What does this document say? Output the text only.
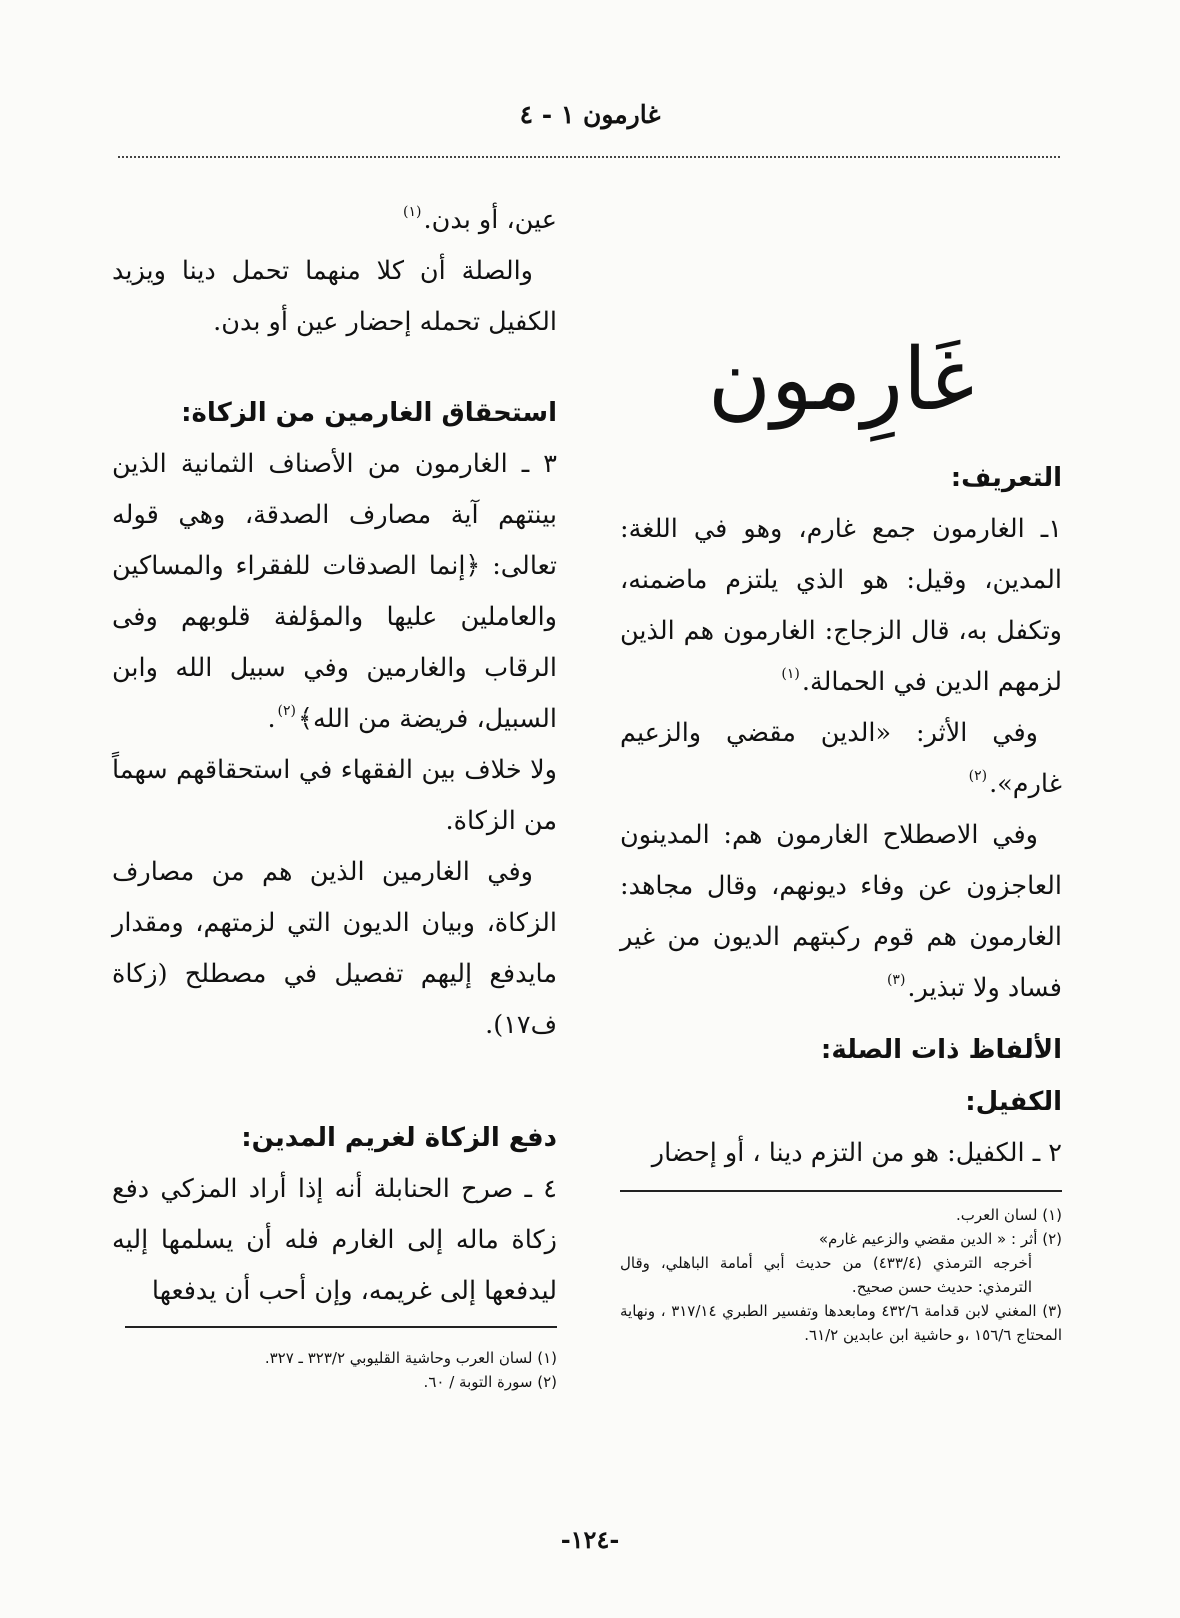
غارمون ١ - ٤
غَارِمون
التعريف:

١ـ الغارمون جمع غارم، وهو في اللغة: المدين، وقيل: هو الذي يلتزم ماضمنه، وتكفل به، قال الزجاج: الغارمون هم الذين لزمهم الدين في الحمالة.$^{(١)}$

وفي الأثر: «الدين مقضي والزعيم غارم».$^{(٢)}$

وفي الاصطلاح الغارمون هم: المدينون العاجزون عن وفاء ديونهم، وقال مجاهد: الغارمون هم قوم ركبتهم الديون من غير فساد ولا تبذير.$^{(٣)}$

الألفاظ ذات الصلة:
الكفيل:

٢ ـ الكفيل: هو من التزم دينا ، أو إحضار

(١) لسان العرب.
(٢) أثر : « الدين مقضي والزعيم غارم»
أخرجه الترمذي (٤٣٣/٤) من حديث أبي أمامة الباهلي، وقال الترمذي: حديث حسن صحيح.
(٣) المغني لابن قدامة ٤٣٢/٦ ومابعدها وتفسير الطبري ٣١٧/١٤ ، ونهاية المحتاج ١٥٦/٦ ،و حاشية ابن عابدين ٦١/٢.

عين، أو بدن.$^{(١)}$

والصلة أن كلا منهما تحمل دينا ويزيد الكفيل تحمله إحضار عين أو بدن.

استحقاق الغارمين من الزكاة:

٣ ـ الغارمون من الأصناف الثمانية الذين بينتهم آية مصارف الصدقة، وهي قوله تعالى: ﴿إنما الصدقات للفقراء والمساكين والعاملين عليها والمؤلفة قلوبهم وفى الرقاب والغارمين وفي سبيل الله وابن السبيل، فريضة من الله﴾$^{(٢)}$.

ولا خلاف بين الفقهاء في استحقاقهم سهماً من الزكاة.

وفي الغارمين الذين هم من مصارف الزكاة، وبيان الديون التي لزمتهم، ومقدار مايدفع إليهم تفصيل في مصطلح (زكاة ف١٧).

دفع الزكاة لغريم المدين:

٤ ـ صرح الحنابلة أنه إذا أراد المزكي دفع زكاة ماله إلى الغارم فله أن يسلمها إليه ليدفعها إلى غريمه، وإن أحب أن يدفعها

(١) لسان العرب وحاشية القليوبي ٣٢٣/٢ ـ ٣٢٧.
(٢) سورة التوبة / ٦٠.
-١٢٤-
